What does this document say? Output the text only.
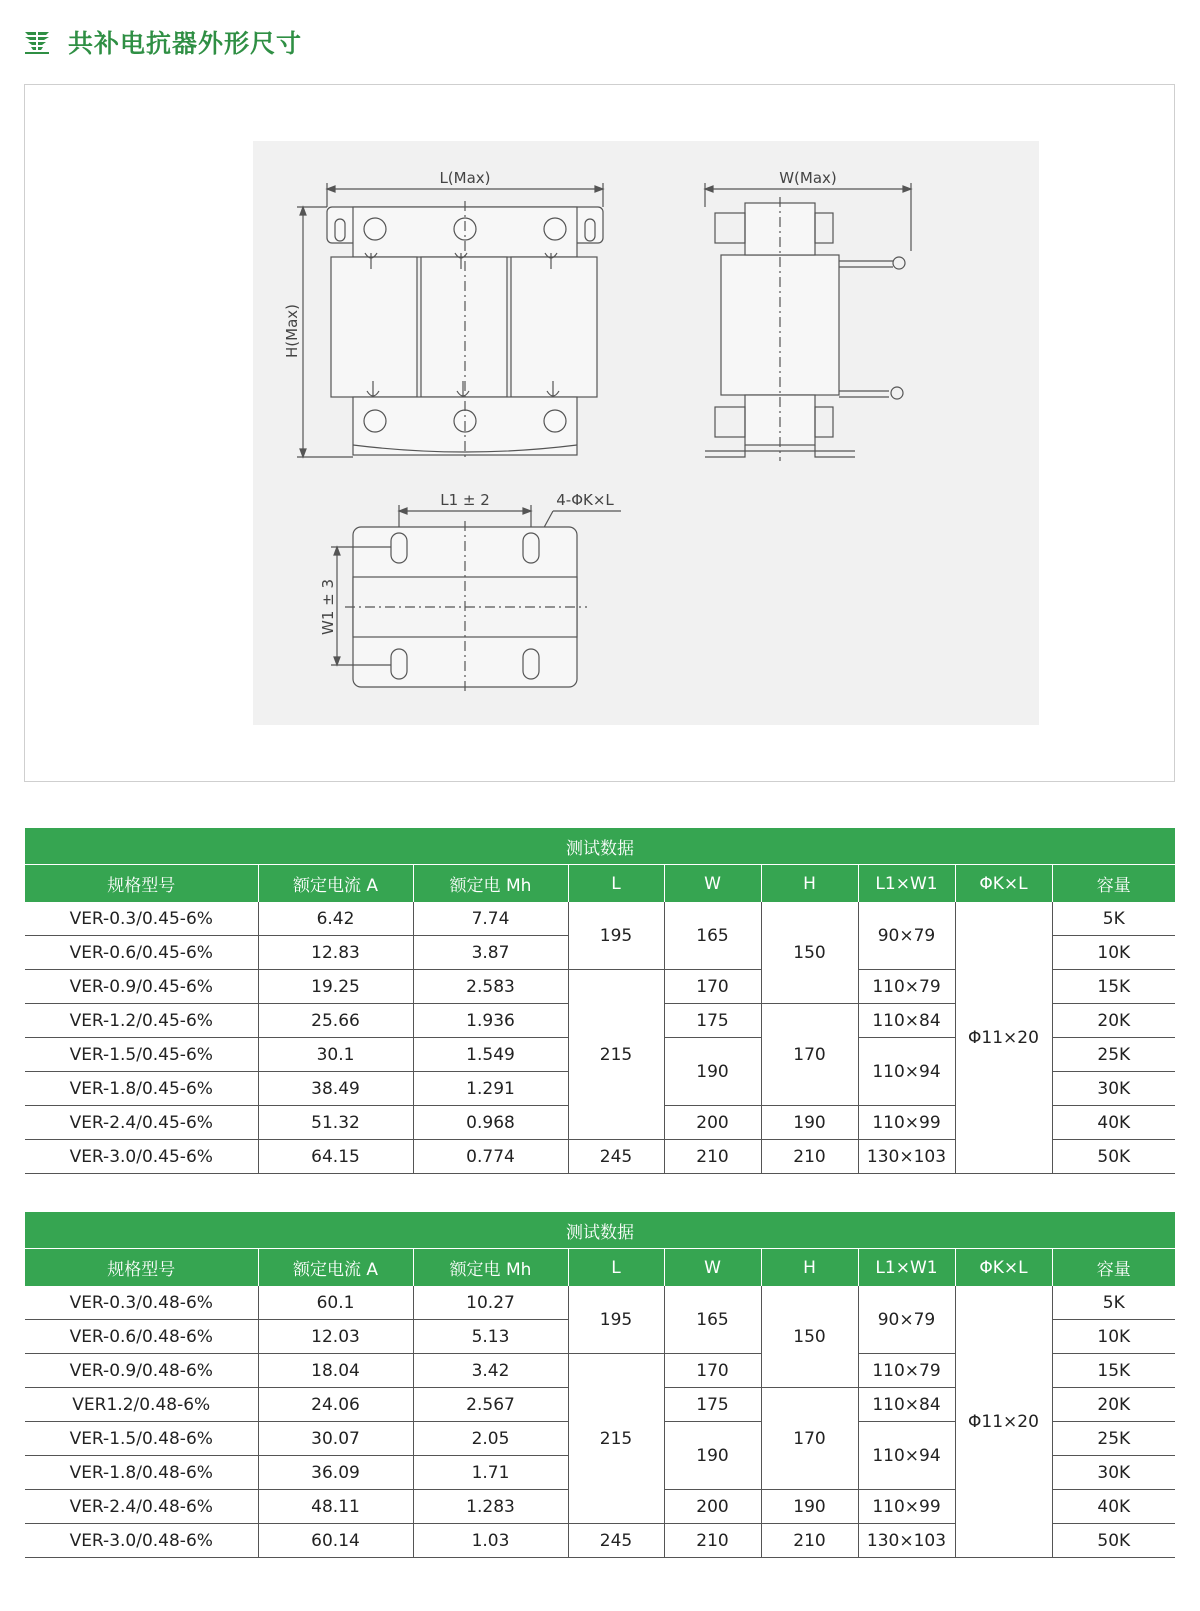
共补电抗器外形尺寸
L(Max)	W(Max)
H(Max)
L1 ± 2	4-ΦK×L
W1 ± 3
测试数据								
规格型号	额定电流 A	额定电 Mh	L	W	H	L1×W1	ΦK×L	容量
VER-0.3/0.45-6%	6.42	7.74	195	165	150	90×79	Φ11×20	5K
VER-0.6/0.45-6%	12.83	3.87						10K
VER-0.9/0.45-6%	19.25	2.583	215	170		110×79		15K
VER-1.2/0.45-6%	25.66	1.936		175	170	110×84		20K
VER-1.5/0.45-6%	30.1	1.549		190		110×94		25K
VER-1.8/0.45-6%	38.49	1.291						30K
VER-2.4/0.45-6%	51.32	0.968		200	190	110×99		40K
VER-3.0/0.45-6%	64.15	0.774	245	210	210	130×103		50K
测试数据								
规格型号	额定电流 A	额定电 Mh	L	W	H	L1×W1	ΦK×L	容量
VER-0.3/0.48-6%	60.1	10.27	195	165	150	90×79	Φ11×20	5K
VER-0.6/0.48-6%	12.03	5.13						10K
VER-0.9/0.48-6%	18.04	3.42	215	170		110×79		15K
VER1.2/0.48-6%	24.06	2.567		175	170	110×84		20K
VER-1.5/0.48-6%	30.07	2.05		190		110×94		25K
VER-1.8/0.48-6%	36.09	1.71						30K
VER-2.4/0.48-6%	48.11	1.283		200	190	110×99		40K
VER-3.0/0.48-6%	60.14	1.03	245	210	210	130×103		50K
